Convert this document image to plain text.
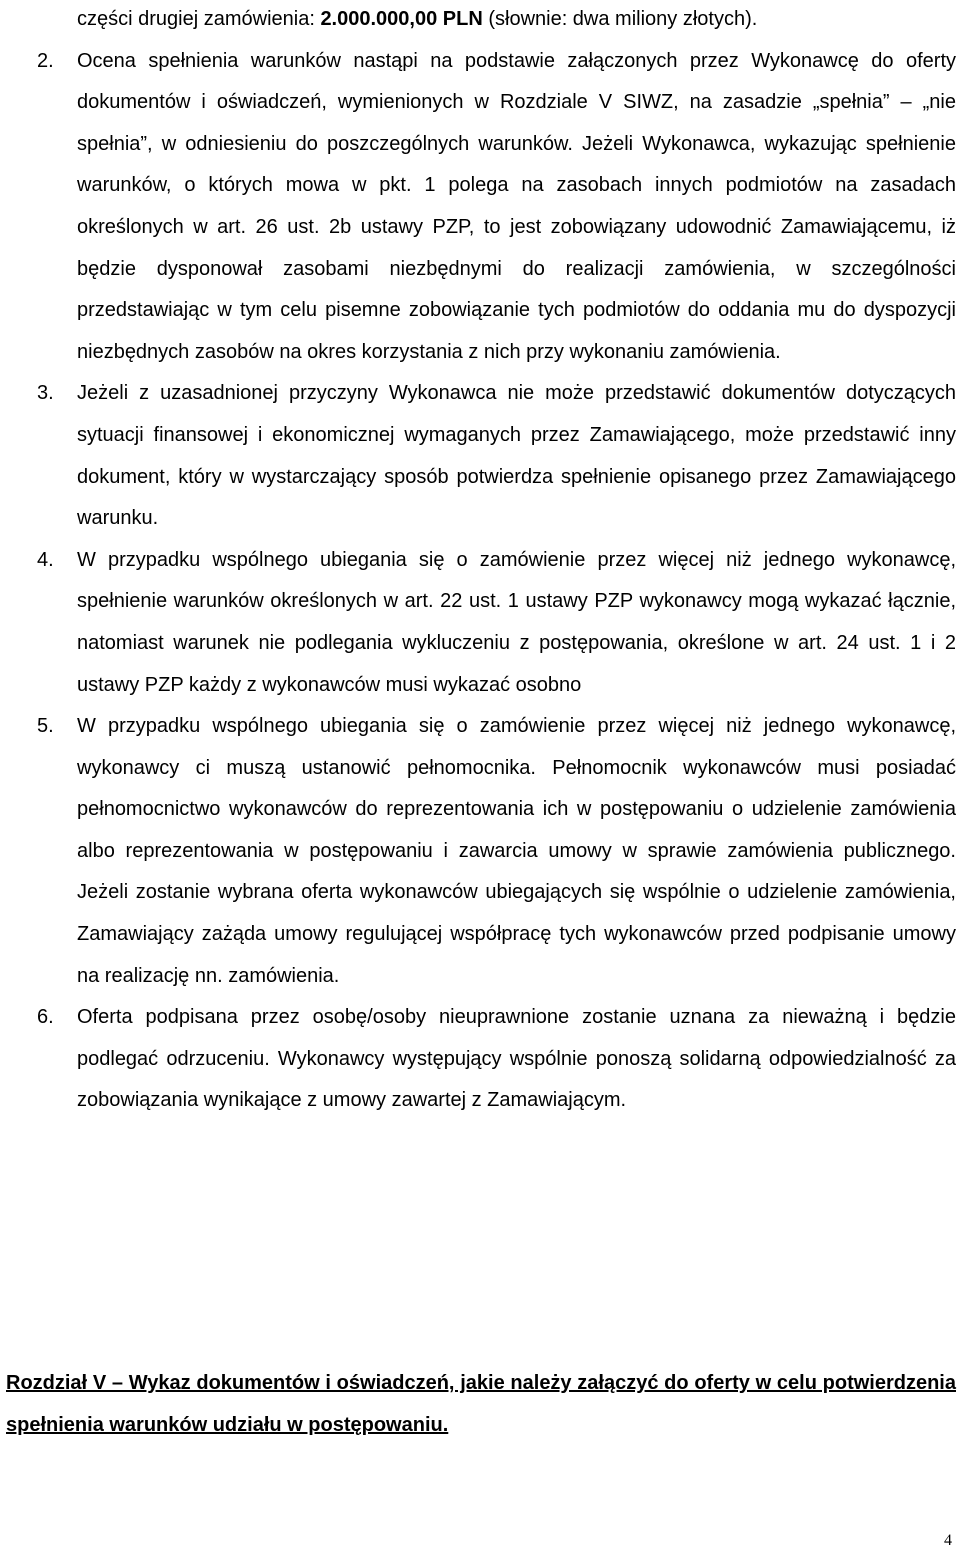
części drugiej zamówienia: 2.000.000,00 PLN (słownie: dwa miliony złotych).
2. Ocena spełnienia warunków nastąpi na podstawie załączonych przez Wykonawcę do oferty dokumentów i oświadczeń, wymienionych w Rozdziale V SIWZ, na zasadzie „spełnia” – „nie spełnia”, w odniesieniu do poszczególnych warunków. Jeżeli Wykonawca, wykazując spełnienie warunków, o których mowa w pkt. 1 polega na zasobach innych podmiotów na zasadach określonych w art. 26 ust. 2b ustawy PZP, to jest zobowiązany udowodnić Zamawiającemu, iż będzie dysponował zasobami niezbędnymi do realizacji zamówienia, w szczególności przedstawiając w tym celu pisemne zobowiązanie tych podmiotów do oddania mu do dyspozycji niezbędnych zasobów na okres korzystania z nich przy wykonaniu zamówienia.
3. Jeżeli z uzasadnionej przyczyny Wykonawca nie może przedstawić dokumentów dotyczących sytuacji finansowej i ekonomicznej wymaganych przez Zamawiającego, może przedstawić inny dokument, który w wystarczający sposób potwierdza spełnienie opisanego przez Zamawiającego warunku.
4. W przypadku wspólnego ubiegania się o zamówienie przez więcej niż jednego wykonawcę, spełnienie warunków określonych w art. 22 ust. 1 ustawy PZP wykonawcy mogą wykazać łącznie, natomiast warunek nie podlegania wykluczeniu z postępowania, określone w art. 24 ust. 1 i 2 ustawy PZP każdy z wykonawców musi wykazać osobno
5. W przypadku wspólnego ubiegania się o zamówienie przez więcej niż jednego wykonawcę, wykonawcy ci muszą ustanowić pełnomocnika. Pełnomocnik wykonawców musi posiadać pełnomocnictwo wykonawców do reprezentowania ich w postępowaniu o udzielenie zamówienia albo reprezentowania w postępowaniu i zawarcia umowy w sprawie zamówienia publicznego. Jeżeli zostanie wybrana oferta wykonawców ubiegających się wspólnie o udzielenie zamówienia, Zamawiający zażąda umowy regulującej współpracę tych wykonawców przed podpisanie umowy na realizację nn. zamówienia.
6. Oferta podpisana przez osobę/osoby nieuprawnione zostanie uznana za nieważną i będzie podlegać odrzuceniu. Wykonawcy występujący wspólnie ponoszą solidarną odpowiedzialność za zobowiązania wynikające z umowy zawartej z Zamawiającym.
Rozdział V – Wykaz dokumentów i oświadczeń, jakie należy załączyć do oferty w celu potwierdzenia spełnienia warunków udziału w postępowaniu.
4
